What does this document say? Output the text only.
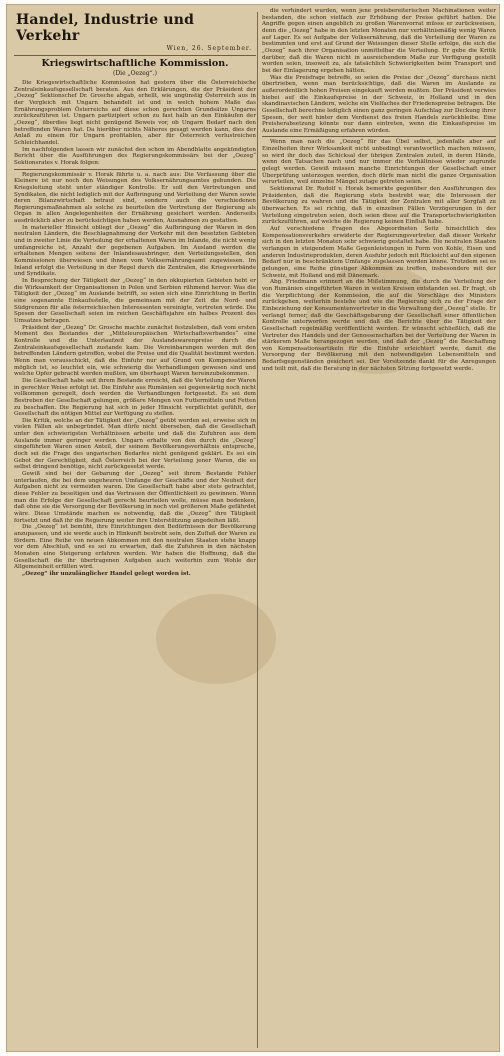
Handel, Industrie und Verkehr
Wien, 26. September.
Kriegswirtschaftliche Kommission.
(Die „Oezeg“.)

Die Kriegswirtschaftliche Kommission hat gestern über die Österreichische Zentraleinkaufsgesellschaft beraten. Aus den Erklärungen, die der Präsident der „Oezeg“ Sektionschef Dr. Grosche abgab, erhellt, wie ungünstig Österreich aus in der Vergleich mit Ungarn behandelt ist und in welch hohem Maße das Ernährungsproblem Österreichs auf diese schon gerechten Grundsätze Ungarns zurückzuführen ist. Ungarn partizipiert schon zu fast halb an den Einkäufen der „Oezeg“, überdies liegt nicht genügend Beweis vor, ob Ungarn Bedarf nach den betreffenden Waren hat. Da hierüber nichts Näheres gesagt werden kann, dies der Anlaß zu einem für Ungarn profitablen, aber für Österreich verlustreichen Schleichhandel.

Im nachfolgenden lassen wir zunächst den schon im Abendblatte angekündigten Bericht über die Ausführungen des Regierungskommissärs bei der „Oezeg“ Sektionsrates v. Horak folgen:

Regierungskommissär v. Horak führte u. a. nach aus: Die Verfassung über die Kleinere ist nur noch den Weisungen des Volksernährungsamtes gebunden. Die Kriegsleitung steht unter ständiger Kontrolle. Er soll den Vertretungen und Syndikaten, die nicht lediglich mit der Aufbringung und Verteilung der Waren sowie deren Bilanzwirtschaft betraut sind, sondern auch die verschiedenen Regierungsmaßnahmen als solche zu beurteilen die Vertretung der Regierung als Organ in allen Angelegenheiten der Ernährung gesichert werden. Anderseits ausdrücklich aber zu berücksichtigen haben werden, Ausnahmen zu gestatten.

In materieller Hinsicht obliegt der „Oezeg“ die Aufbringung der Waren in den neutralen Ländern, die Beschlagnahmung der Verkehr mit den besetzten Gebieten und in zweiter Linie die Verteilung der erhaltenen Waren im Inlande, die nicht wenig umfangreiche ist, Anzahl der gegebenen Aufgaben. Im Ausland werden die erhaltenen Mengen seitens der Inlandesausbringer, den Verteilungsstellen, den Kommissionen überwiesen und ihnen vom Volksernährungsamt zugewiesen. Im Inland erfolgt die Verteilung in der Regel durch die Zentralen, die Kriegsverbände und Syndikate.

In Besprechung der Tätigkeit der „Oezeg“ in den okkupierten Gebieten hebt er die Wirksamkeit der Organisationen in Polen und Serbien rühmend hervor. Was die Tätigkeit der „Oezeg“ im Auslande betrifft, so seien sich eine Einrichtung in Berlin eine sogenannte Einkaufsstelle, die gemeinsam mit der Zeit die Nord- und Südgrenzen für alle österreichischen Interessenten vereinigte, vertreten würde. Die Spesen der Gesellschaft seien im reichen Geschäftsjahre ein halbes Prozent des Umsatzes betragen.

Präsident der „Oezeg“ Dr. Grosche machte zunächst festzuleben, daß vom ersten Moment des Bestandes der „Mitteleuropäischen Wirtschaftsverbandes“ eine Kontrolle und die Unterlaufzeit der Auslandswarenpreise durch die Zentraleinkaufsgesellschaft zustande kam. Die Vereinbarungen werden mit den betreffenden Ländern getroffen, wobei die Preise und die Qualität bestimmt werden. Wenn man vorausschickt, daß die Einfuhr nur auf Grund von Kompensationen möglich ist, so leuchtet ein, wie schwierig die Verhandlungen gewesen sind und welche Opfer gebracht werden mußten, um überhaupt Waren hereinzubekommen.

Die Gesellschaft habe seit ihrem Bestande erreicht, daß die Verteilung der Waren in gerechter Weise erfolgt ist. Die Einfuhr aus Rumänien sei gegenwärtig noch nicht vollkommen geregelt, doch werden die Verhandlungen fortgesetzt. Es sei dem Bestreben der Gesellschaft gelungen, größere Mengen von Futtermitteln und Fetten zu beschaffen. Die Regierung hat sich in jeder Hinsicht verpflichtet gefühlt, der Gesellschaft die nötigen Mittel zur Verfügung zu stellen.

Die Kritik, welche an der Tätigkeit der „Oezeg“ geübt worden sei, erweise sich in vielen Fällen als unbegründet. Man dürfe nicht übersehen, daß die Gesellschaft unter den schwierigsten Verhältnissen arbeite und daß die Zufuhren aus dem Auslande immer geringer werden. Ungarn erhalte von den durch die „Oezeg“ eingeführten Waren einen Anteil, der seinem Bevölkerungsverhältnis entspreche, doch sei die Frage des ungarischen Bedarfes nicht genügend geklärt. Es sei ein Gebot der Gerechtigkeit, daß Österreich bei der Verteilung jener Waren, die es selbst dringend benötige, nicht zurückgesetzt werde.

Gewiß sind bei der Gebarung der „Oezeg“ seit ihrem Bestande Fehler unterlaufen, die bei dem ungeheuren Umfange der Geschäfte und der Neuheit der Aufgaben nicht zu vermeiden waren. Die Gesellschaft habe aber stets getrachtet, diese Fehler zu beseitigen und das Vertrauen der Öffentlichkeit zu gewinnen. Wenn man die Erfolge der Gesellschaft gerecht beurteilen wolle, müsse man bedenken, daß ohne sie die Versorgung der Bevölkerung in noch viel größerem Maße gefährdet wäre. Diese Umstände machen es notwendig, daß die „Oezeg“ ihre Tätigkeit fortsetzt und daß ihr die Regierung weiter ihre Unterstützung angedeihen läßt.

Die „Oezeg“ ist bemüht, ihre Einrichtungen den Bedürfnissen der Bevölkerung anzupassen, und sie werde auch in Hinkunft bestrebt sein, den Zufluß der Waren zu fördern. Eine Reihe von neuen Abkommen mit den neutralen Staaten stehe knapp vor dem Abschluß, und es sei zu erwarten, daß die Zufuhren in den nächsten Monaten eine Steigerung erfahren werden. Wir haben die Hoffnung, daß die Gesellschaft die ihr übertragenen Aufgaben auch weiterhin zum Wohle der Allgemeinheit erfüllen wird.

„Oezeg“ ihr unzulänglicher Handel gelegt worden ist.

die verhindert wurden, wenn jene preisbereiterischen Machinationen weiter bestanden, die schon vielfach zur Erhöhung der Preise geführt hatten. Die Angriffe gegen einen angeblich zu großen Warenvorrat müsse er zurückweisen, denn die „Oezeg“ habe in den letzten Monaten nur verhältnismäßig wenig Waren auf Lager. Es sei Aufgabe der Volksernährung, daß die Verteilung der Waren zu bestimmten und erst auf Grund der Weisungen dieser Stelle erfolge, die sich die „Oezeg“ nach ihrer Organisation unmittelbar die Verteilung. Er gebe die Kritik darüber, daß die Waren nicht in ausreichendem Maße zur Verfügung gestellt worden seien, insoweit zu, als tatsächlich Schwierigkeiten beim Transport und bei der Einlagerung ergeben hätten.

Was die Preisfrage betreffe, so seien die Preise der „Oezeg“ durchaus nicht übertrieben, wenn man berücksichtige, daß die Waren im Auslande zu außerordentlich hohen Preisen eingekauft werden mußten. Der Präsident verwies hiebei auf die Einkaufspreise in der Schweiz, in Holland und in den skandinavischen Ländern, welche ein Vielfaches der Friedenspreise betragen. Die Gesellschaft berechne lediglich einen ganz geringen Aufschlag zur Deckung ihrer Spesen, der weit hinter dem Verdienst des freien Handels zurückbleibe. Eine Preisherabsetzung könnte nur dann eintreten, wenn die Einkaufspreise im Auslande eine Ermäßigung erfahren würden.

Wenn man nach die „Oezeg“ für das Übel selbst, jedenfalls aber auf Einzelheiten ihrer Wirksamkeit nicht unbedingt verantwortlich machen müssen, so wird ihr doch das Schicksal der übrigen Zentralen zuteil, in deren Hände, wenn den Tatsachen nach und nur immer die Verhältnisse wieder zugrunde gelegt werden. Gewiß müssen manche Einrichtungen der Gesellschaft einer Überprüfung unterzogen werden, doch dürfe man nicht die ganze Organisation verurteilen, weil einzelne Mängel zutage getreten seien.

Sektionsrat Dr. Rudolf v. Horak bemerkte gegenüber den Ausführungen des Präsidenten, daß die Regierung stets bestrebt war, die Interessen der Bevölkerung zu wahren und die Tätigkeit der Zentralen mit aller Sorgfalt zu überwachen. Es sei richtig, daß in einzelnen Fällen Verzögerungen in der Verteilung eingetreten seien, doch seien diese auf die Transportschwierigkeiten zurückzuführen, auf welche die Regierung keinen Einfluß habe.

Auf verschiedene Fragen des Abgeordneten Seitz hinsichtlich des Kompensationsverkehrs erwiderte der Regierungsvertreter, daß dieser Verkehr sich in den letzten Monaten sehr schwierig gestaltet habe. Die neutralen Staaten verlangen in steigendem Maße Gegenleistungen in Form von Kohle, Eisen und anderen Industrieprodukten, deren Ausfuhr jedoch mit Rücksicht auf den eigenen Bedarf nur in beschränktem Umfange zugelassen werden könne. Trotzdem sei es gelungen, eine Reihe günstiger Abkommen zu treffen, insbesondere mit der Schweiz, mit Holland und mit Dänemark.

Abg. Friedmann erinnert an die Mißstimmung, die durch die Verteilung der von Rumänien eingeführten Waren in weiten Kreisen entstanden sei. Er fragt, ob die Verpflichtung der Kommission, die auf die Vorschläge des Ministers zurückgehen, weiterhin bestehe und wie die Regierung sich zu der Frage der Einbeziehung der Konsumentenvertreter in die Verwaltung der „Oezeg“ stelle. Er verlangt ferner, daß die Geschäftsgebarung der Gesellschaft einer öffentlichen Kontrolle unterworfen werde und daß die Berichte über die Tätigkeit der Gesellschaft regelmäßig veröffentlicht werden. Er wünscht schließlich, daß die Vertreter des Handels und der Genossenschaften bei der Verteilung der Waren in stärkerem Maße herangezogen werden, und daß der „Oezeg“ die Beschaffung von Kompensationsartikeln für die Einfuhr erleichtert werde, damit die Versorgung der Bevölkerung mit den notwendigsten Lebensmitteln und Bedarfsgegenständen gesichert sei. Der Vorsitzende dankt für die Anregungen und teilt mit, daß die Beratung in der nächsten Sitzung fortgesetzt werde.
